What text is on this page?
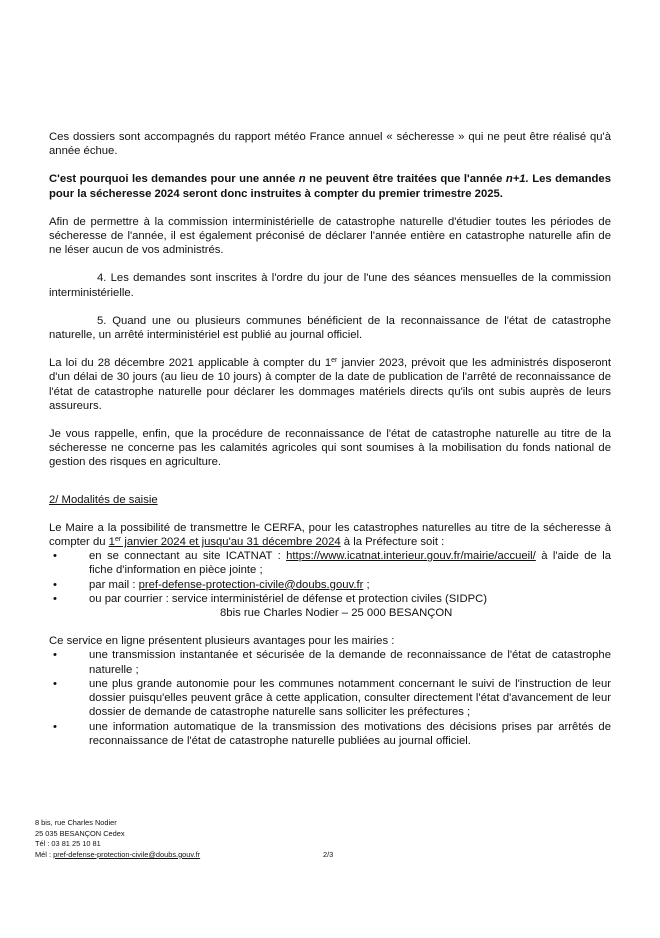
Ces dossiers sont accompagnés du rapport météo France annuel « sécheresse » qui ne peut être réalisé qu'à année échue.

C'est pourquoi les demandes pour une année n ne peuvent être traitées que l'année n+1. Les demandes pour la sécheresse 2024 seront donc instruites à compter du premier trimestre 2025.

Afin de permettre à la commission interministérielle de catastrophe naturelle d'étudier toutes les périodes de sécheresse de l'année, il est également préconisé de déclarer l'année entière en catastrophe naturelle afin de ne léser aucun de vos administrés.

4. Les demandes sont inscrites à l'ordre du jour de l'une des séances mensuelles de la commission interministérielle.

5. Quand une ou plusieurs communes bénéficient de la reconnaissance de l'état de catastrophe naturelle, un arrêté interministériel est publié au journal officiel.

La loi du 28 décembre 2021 applicable à compter du 1er janvier 2023, prévoit que les administrés disposeront d'un délai de 30 jours (au lieu de 10 jours) à compter de la date de publication de l'arrêté de reconnaissance de l'état de catastrophe naturelle pour déclarer les dommages matériels directs qu'ils ont subis auprès de leurs assureurs.

Je vous rappelle, enfin, que la procédure de reconnaissance de l'état de catastrophe naturelle au titre de la sécheresse ne concerne pas les calamités agricoles qui sont soumises à la mobilisation du fonds national de gestion des risques en agriculture.

2/ Modalités de saisie

Le Maire a la possibilité de transmettre le CERFA, pour les catastrophes naturelles au titre de la sécheresse à compter du 1er janvier 2024 et jusqu'au 31 décembre 2024 à la Préfecture soit :

•	en se connectant au site ICATNAT : https://www.icatnat.interieur.gouv.fr/mairie/accueil/ à l'aide de la fiche d'information en pièce jointe ;
•	par mail : pref-defense-protection-civile@doubs.gouv.fr ;
•	ou par courrier : service interministériel de défense et protection civiles (SIDPC)
8bis rue Charles Nodier – 25 000 BESANÇON

Ce service en ligne présentent plusieurs avantages pour les mairies :

•	une transmission instantanée et sécurisée de la demande de reconnaissance de l'état de catastrophe naturelle ;
•	une plus grande autonomie pour les communes notamment concernant le suivi de l'instruction de leur dossier puisqu'elles peuvent grâce à cette application, consulter directement l'état d'avancement de leur dossier de demande de catastrophe naturelle sans solliciter les préfectures ;
•	une information automatique de la transmission des motivations des décisions prises par arrêtés de reconnaissance de l'état de catastrophe naturelle publiées au journal officiel.
8 bis, rue Charles Nodier
25 035 BESANÇON Cedex
Tél : 03 81 25 10 81
Mél : pref-defense-protection-civile@doubs.gouv.fr	2/3
